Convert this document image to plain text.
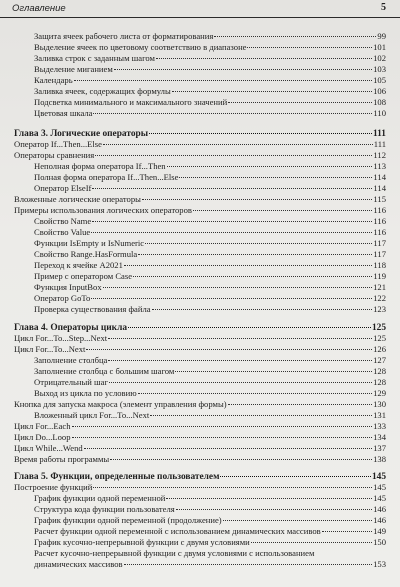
Оглавление	5
Защита ячеек рабочего листа от форматирования	99
Выделение ячеек по цветовому соответствию в диапазоне	101
Заливка строк с заданным шагом	102
Выделение миганием	103
Календарь	105
Заливка ячеек, содержащих формулы	106
Подсветка минимального и максимального значений	108
Цветовая шкала	110
Глава 3. Логические операторы	111
Оператор If...Then...Else	111
Операторы сравнения	112
Неполная форма оператора If...Then	113
Полная форма оператора If...Then...Else	114
Оператор ElseIf	114
Вложенные логические операторы	115
Примеры использования логических операторов	116
Свойство Name	116
Свойство Value	116
Функции IsEmpty и IsNumeric	117
Свойство Range.HasFormula	117
Переход к ячейке A2021	118
Пример с оператором Case	119
Функция InputBox	121
Оператор GoTo	122
Проверка существования файла	123
Глава 4. Операторы цикла	125
Цикл For...To...Step...Next	125
Цикл For...To...Next	126
Заполнение столбца	127
Заполнение столбца с большим шагом	128
Отрицательный шаг	128
Выход из цикла по условию	129
Кнопка для запуска макроса (элемент управления формы)	130
Вложенный цикл For...To...Next	131
Цикл For...Each	133
Цикл Do...Loop	134
Цикл While...Wend	137
Время работы программы	138
Глава 5. Функции, определенные пользователем	145
Построение функций	145
График функции одной переменной	145
Структура кода функции пользователя	146
График функции одной переменной (продолжение)	146
Расчет функции одной переменной с использованием динамических массивов	149
График кусочно-непрерывной функции с двумя условиями	150
Расчет кусочно-непрерывной функции с двумя условиями с использованием
динамических массивов	153
